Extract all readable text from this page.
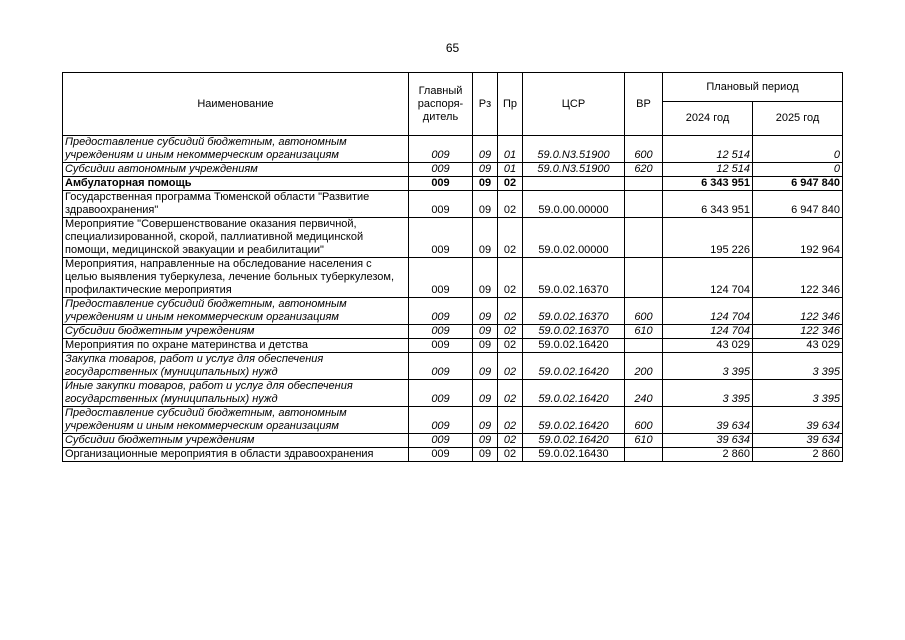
65
Наименование	Главный распоря-дитель	Рз	Пр	ЦСР	ВР	Плановый период	
						2024 год	2025 год
Предоставление субсидий бюджетным, автономным учреждениям и иным некоммерческим организациям	009	09	01	59.0.N3.51900	600	12 514	0
Субсидии автономным учреждениям	009	09	01	59.0.N3.51900	620	12 514	0
Амбулаторная помощь	009	09	02			6 343 951	6 947 840
Государственная программа Тюменской области "Развитие здравоохранения"	009	09	02	59.0.00.00000		6 343 951	6 947 840
Мероприятие "Совершенствование оказания первичной, специализированной, скорой, паллиативной медицинской помощи, медицинской эвакуации и реабилитации"	009	09	02	59.0.02.00000		195 226	192 964
Мероприятия, направленные на обследование населения с целью выявления туберкулеза, лечение больных туберкулезом, профилактические мероприятия	009	09	02	59.0.02.16370		124 704	122 346
Предоставление субсидий бюджетным, автономным учреждениям и иным некоммерческим организациям	009	09	02	59.0.02.16370	600	124 704	122 346
Субсидии бюджетным учреждениям	009	09	02	59.0.02.16370	610	124 704	122 346
Мероприятия по охране материнства и детства	009	09	02	59.0.02.16420		43 029	43 029
Закупка товаров, работ и услуг для обеспечения государственных (муниципальных) нужд	009	09	02	59.0.02.16420	200	3 395	3 395
Иные закупки товаров, работ и услуг для обеспечения государственных (муниципальных) нужд	009	09	02	59.0.02.16420	240	3 395	3 395
Предоставление субсидий бюджетным, автономным учреждениям и иным некоммерческим организациям	009	09	02	59.0.02.16420	600	39 634	39 634
Субсидии бюджетным учреждениям	009	09	02	59.0.02.16420	610	39 634	39 634
Организационные мероприятия в области здравоохранения	009	09	02	59.0.02.16430		2 860	2 860
